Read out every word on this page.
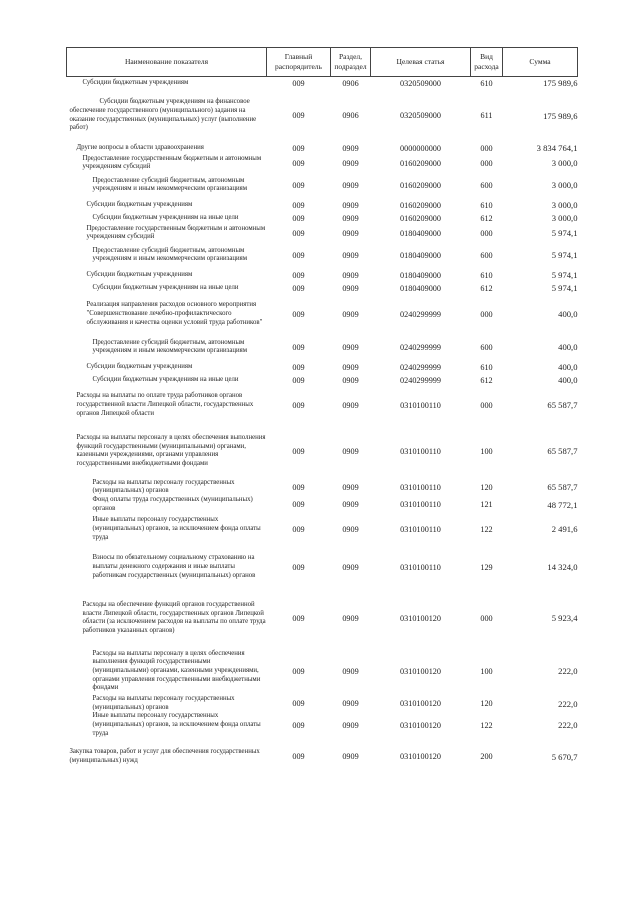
Наименование показателя	Главный распорядитель	Раздел, подраздел	Целевая статья	Вид расхода	Сумма
Субсидии бюджетным учреждениям	009	0906	0320509000	610	175 989,6
Субсидии бюджетным учреждениям на финансовое обеспечение государственного (муниципального) задания на оказание государственных (муниципальных) услуг (выполнение работ)	009	0906	0320509000	611	175 989,6
Другие вопросы в области здравоохранения	009	0909	0000000000	000	3 834 764,1
Предоставление государственным бюджетным и автономным учреждениям субсидий	009	0909	0160209000	000	3 000,0
Предоставление субсидий бюджетным, автономным учреждениям и иным некоммерческим организациям	009	0909	0160209000	600	3 000,0
Субсидии бюджетным учреждениям	009	0909	0160209000	610	3 000,0
Субсидии бюджетным учреждениям на иные цели	009	0909	0160209000	612	3 000,0
Предоставление государственным бюджетным и автономным учреждениям субсидий	009	0909	0180409000	000	5 974,1
Предоставление субсидий бюджетным, автономным учреждениям и иным некоммерческим организациям	009	0909	0180409000	600	5 974,1
Субсидии бюджетным учреждениям	009	0909	0180409000	610	5 974,1
Субсидии бюджетным учреждениям на иные цели	009	0909	0180409000	612	5 974,1
Реализация направления расходов основного мероприятия "Совершенствование лечебно-профилактического обслуживания и качества оценки условий труда работников"	009	0909	0240299999	000	400,0
Предоставление субсидий бюджетным, автономным учреждениям и иным некоммерческим организациям	009	0909	0240299999	600	400,0
Субсидии бюджетным учреждениям	009	0909	0240299999	610	400,0
Субсидии бюджетным учреждениям на иные цели	009	0909	0240299999	612	400,0
Расходы на выплаты по оплате труда работников органов государственной власти Липецкой области, государственных органов Липецкой области	009	0909	0310100110	000	65 587,7
Расходы на выплаты персоналу в целях обеспечения выполнения функций государственными (муниципальными) органами, казенными учреждениями, органами управления государственными внебюджетными фондами	009	0909	0310100110	100	65 587,7
Расходы на выплаты персоналу государственных (муниципальных) органов	009	0909	0310100110	120	65 587,7
Фонд оплаты труда государственных (муниципальных) органов	009	0909	0310100110	121	48 772,1
Иные выплаты персоналу государственных (муниципальных) органов, за исключением фонда оплаты труда	009	0909	0310100110	122	2 491,6
Взносы по обязательному социальному страхованию на выплаты денежного содержания и иные выплаты работникам государственных (муниципальных) органов	009	0909	0310100110	129	14 324,0
Расходы на обеспечение функций органов государственной власти Липецкой области, государственных органов Липецкой области (за исключением расходов на выплаты по оплате труда работников указанных органов)	009	0909	0310100120	000	5 923,4
Расходы на выплаты персоналу в целях обеспечения выполнения функций государственными (муниципальными) органами, казенными учреждениями, органами управления государственными внебюджетными фондами	009	0909	0310100120	100	222,0
Расходы на выплаты персоналу государственных (муниципальных) органов	009	0909	0310100120	120	222,0
Иные выплаты персоналу государственных (муниципальных) органов, за исключением фонда оплаты труда	009	0909	0310100120	122	222,0
Закупка товаров, работ и услуг для обеспечения государственных (муниципальных) нужд	009	0909	0310100120	200	5 670,7
